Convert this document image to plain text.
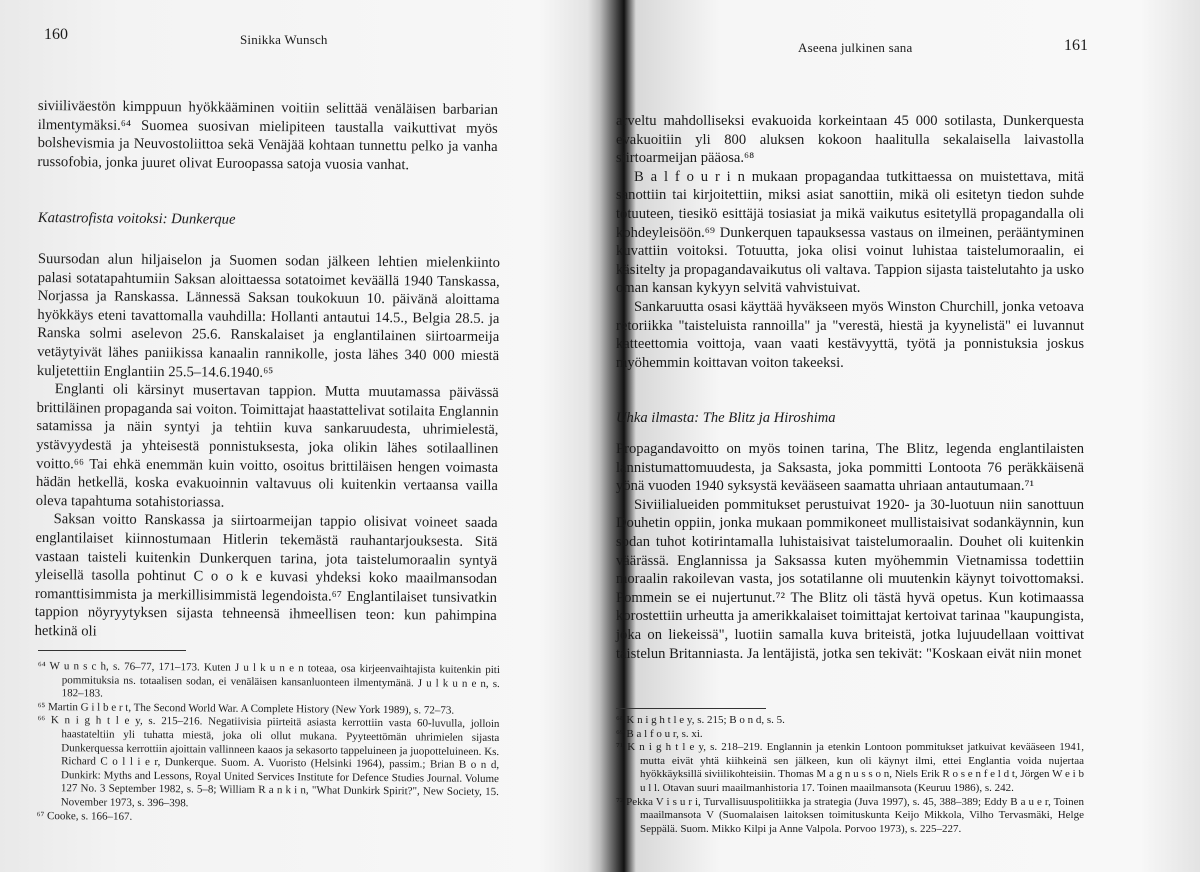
160	Sinikka Wunsch

siviiliväestön kimppuun hyökkääminen voitiin selittää venäläisen barbarian ilmentymäksi.⁶⁴ Suomea suosivan mielipiteen taustalla vaikuttivat myös bolshevismia ja Neuvostoliittoa sekä Venäjää kohtaan tunnettu pelko ja vanha russofobia, jonka juuret olivat Euroopassa satoja vuosia vanhat.

Katastrofista voitoksi: Dunkerque

Suursodan alun hiljaiselon ja Suomen sodan jälkeen lehtien mielenkiinto palasi sotatapahtumiin Saksan aloittaessa sotatoimet keväällä 1940 Tanskassa, Norjassa ja Ranskassa. Lännessä Saksan toukokuun 10. päivänä aloittama hyökkäys eteni tavattomalla vauhdilla: Hollanti antautui 14.5., Belgia 28.5. ja Ranska solmi aselevon 25.6. Ranskalaiset ja englantilainen siirtoarmeija vetäytyivät lähes paniikissa kanaalin rannikolle, josta lähes 340 000 miestä kuljetettiin Englantiin 25.5–14.6.1940.⁶⁵

Englanti oli kärsinyt musertavan tappion. Mutta muutamassa päivässä brittiläinen propaganda sai voiton. Toimittajat haastattelivat sotilaita Englannin satamissa ja näin syntyi ja tehtiin kuva sankaruudesta, uhrimielestä, ystävyydestä ja yhteisestä ponnistuksesta, joka olikin lähes sotilaallinen voitto.⁶⁶ Tai ehkä enemmän kuin voitto, osoitus brittiläisen hengen voimasta hädän hetkellä, koska evakuoinnin valtavuus oli kuitenkin vertaansa vailla oleva tapahtuma sotahistoriassa.

Saksan voitto Ranskassa ja siirtoarmeijan tappio olisivat voineet saada englantilaiset kiinnostumaan Hitlerin tekemästä rauhantarjouksesta. Sitä vastaan taisteli kuitenkin Dunkerquen tarina, jota taistelumoraalin syntyä yleisellä tasolla pohtinut C o o k e kuvasi yhdeksi koko maailmansodan romanttisimmista ja merkillisimmistä legendoista.⁶⁷ Englantilaiset tunsivatkin tappion nöyryytyksen sijasta tehneensä ihmeellisen teon: kun pahimpina hetkinä oli

⁶⁴ W u n s c h, s. 76–77, 171–173. Kuten J u l k u n e n toteaa, osa kirjeenvaihtajista kuitenkin piti pommituksia ns. totaalisen sodan, ei venäläisen kansanluonteen ilmentymänä. J u l k u n e n, s. 182–183.

⁶⁵ Martin G i l b e r t, The Second World War. A Complete History (New York 1989), s. 72–73.

⁶⁶ K n i g h t l e y, s. 215–216. Negatiivisia piirteitä asiasta kerrottiin vasta 60-luvulla, jolloin haastateltiin yli tuhatta miestä, joka oli ollut mukana. Pyyteettömän uhrimielen sijasta Dunkerquessa kerrottiin ajoittain vallinneen kaaos ja sekasorto tappeluineen ja juopotteluineen. Ks. Richard C o l l i e r, Dunkerque. Suom. A. Vuoristo (Helsinki 1964), passim.; Brian B o n d, Dunkirk: Myths and Lessons, Royal United Services Institute for Defence Studies Journal. Volume 127 No. 3 September 1982, s. 5–8; William R a n k i n, "What Dunkirk Spirit?", New Society, 15. November 1973, s. 396–398.

⁶⁷ Cooke, s. 166–167.

Aseena julkinen sana	161

arveltu mahdolliseksi evakuoida korkeintaan 45 000 sotilasta, Dunkerquesta evakuoitiin yli 800 aluksen kokoon haalitulla sekalaisella laivastolla siirtoarmeijan pääosa.⁶⁸

B a l f o u r i n mukaan propagandaa tutkittaessa on muistettava, mitä sanottiin tai kirjoitettiin, miksi asiat sanottiin, mikä oli esitetyn tiedon suhde totuuteen, tiesikö esittäjä tosiasiat ja mikä vaikutus esitetyllä propagandalla oli kohdeyleisöön.⁶⁹ Dunkerquen tapauksessa vastaus on ilmeinen, perääntyminen kuvattiin voitoksi. Totuutta, joka olisi voinut luhistaa taistelumoraalin, ei käsitelty ja propagandavaikutus oli valtava. Tappion sijasta taistelutahto ja usko oman kansan kykyyn selvitä vahvistuivat.

Sankaruutta osasi käyttää hyväkseen myös Winston Churchill, jonka vetoava retoriikka "taisteluista rannoilla" ja "verestä, hiestä ja kyynelistä" ei luvannut katteettomia voittoja, vaan vaati kestävyyttä, työtä ja ponnistuksia joskus myöhemmin koittavan voiton takeeksi.

Uhka ilmasta: The Blitz ja Hiroshima

Propagandavoitto on myös toinen tarina, The Blitz, legenda englantilaisten lannistumattomuudesta, ja Saksasta, joka pommitti Lontoota 76 peräkkäisenä yönä vuoden 1940 syksystä kevääseen saamatta uhriaan antautumaan.⁷¹

Siviilialueiden pommitukset perustuivat 1920- ja 30-luotuun niin sanottuun Douhetin oppiin, jonka mukaan pommikoneet mullistaisivat sodankäynnin, kun sodan tuhot kotirintamalla luhistaisivat taistelumoraalin. Douhet oli kuitenkin väärässä. Englannissa ja Saksassa kuten myöhemmin Vietnamissa todettiin moraalin rakoilevan vasta, jos sotatilanne oli muutenkin käynyt toivottomaksi. Pommein se ei nujertunut.⁷² The Blitz oli tästä hyvä opetus. Kun kotimaassa korostettiin urheutta ja amerikkalaiset toimittajat kertoivat tarinaa "kaupungista, joka on liekeissä", luotiin samalla kuva briteistä, jotka lujuudellaan voittivat taistelun Britanniasta. Ja lentäjistä, jotka sen tekivät: "Koskaan eivät niin monet

⁶⁸ K n i g h t l e y, s. 215; B o n d, s. 5.

⁶⁹ B a l f o u r, s. xi.

⁷¹ K n i g h t l e y, s. 218–219. Englannin ja etenkin Lontoon pommitukset jatkuivat kevääseen 1941, mutta eivät yhtä kiihkeinä sen jälkeen, kun oli käynyt ilmi, ettei Englantia voida nujertaa hyökkäyksillä siviilikohteisiin. Thomas M a g n u s s o n, Niels Erik R o s e n f e l d t, Jörgen W e i b u l l. Otavan suuri maailmanhistoria 17. Toinen maailmansota (Keuruu 1986), s. 242.

⁷² Pekka V i s u r i, Turvallisuuspolitiikka ja strategia (Juva 1997), s. 45, 388–389; Eddy B a u e r, Toinen maailmansota V (Suomalaisen laitoksen toimituskunta Keijo Mikkola, Vilho Tervasmäki, Helge Seppälä. Suom. Mikko Kilpi ja Anne Valpola. Porvoo 1973), s. 225–227.
